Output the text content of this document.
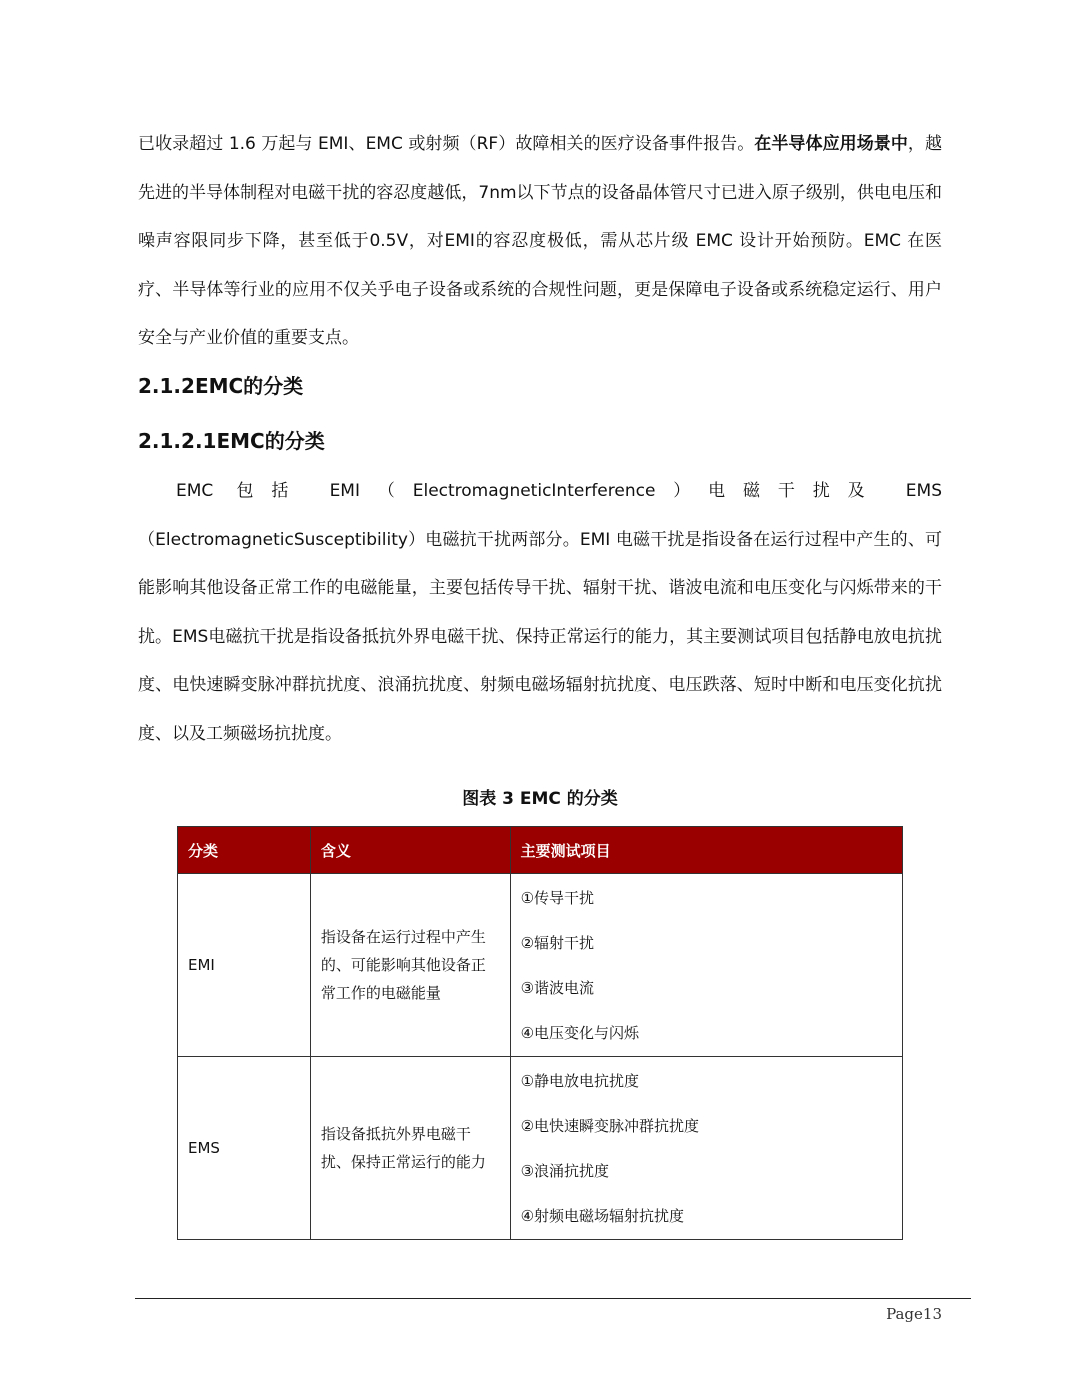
已收录超过 1.6 万起与 EMI、EMC 或射频（RF）故障相关的医疗设备事件报告。在半导体应用场景中，越先进的半导体制程对电磁干扰的容忍度越低，7nm以下节点的设备晶体管尺寸已进入原子级别，供电电压和噪声容限同步下降，甚至低于0.5V，对EMI的容忍度极低，需从芯片级 EMC 设计开始预防。EMC 在医疗、半导体等行业的应用不仅关乎电子设备或系统的合规性问题，更是保障电子设备或系统稳定运行、用户安全与产业价值的重要支点。

2.1.2EMC的分类
2.1.2.1EMC的分类

EMC 包括 EMI（ElectromagneticInterference）电磁干扰及 EMS（ElectromagneticSusceptibility）电磁抗干扰两部分。EMI 电磁干扰是指设备在运行过程中产生的、可能影响其他设备正常工作的电磁能量，主要包括传导干扰、辐射干扰、谐波电流和电压变化与闪烁带来的干扰。EMS电磁抗干扰是指设备抵抗外界电磁干扰、保持正常运行的能力，其主要测试项目包括静电放电抗扰度、电快速瞬变脉冲群抗扰度、浪涌抗扰度、射频电磁场辐射抗扰度、电压跌落、短时中断和电压变化抗扰度、以及工频磁场抗扰度。

图表 3 EMC 的分类

分类	含义	主要测试项目
EMI	指设备在运行过程中产生的、可能影响其他设备正常工作的电磁能量	①传导干扰
②辐射干扰
③谐波电流
④电压变化与闪烁

EMS	指设备抵抗外界电磁干扰、保持正常运行的能力	①静电放电抗扰度
②电快速瞬变脉冲群抗扰度
③浪涌抗扰度
④射频电磁场辐射抗扰度
Page13
